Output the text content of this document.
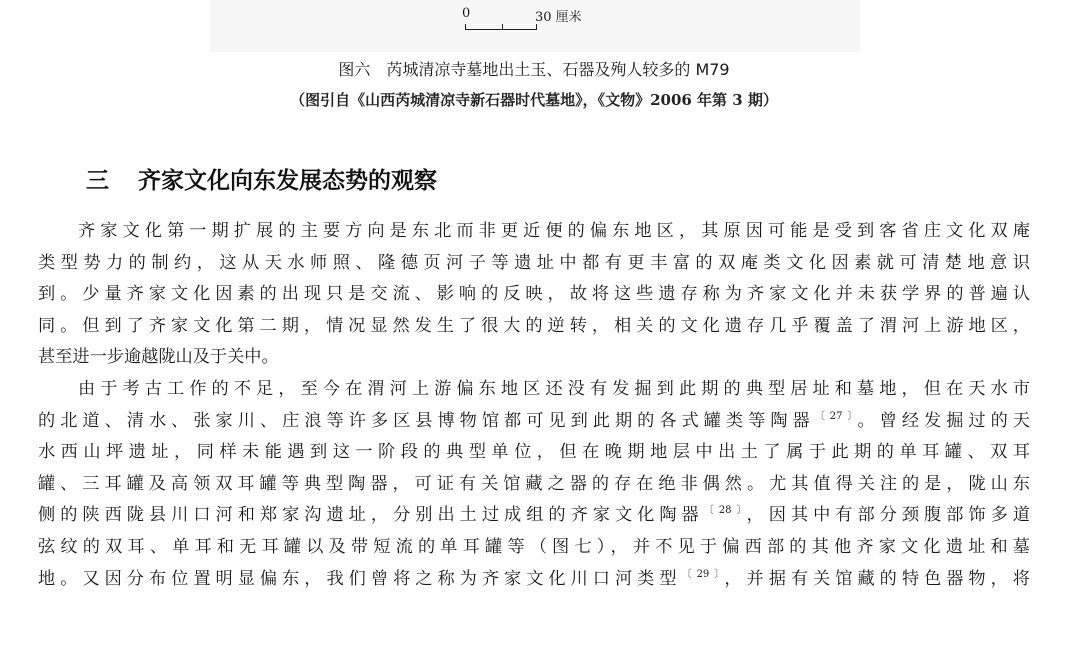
0	30 厘米
图六　芮城清凉寺墓地出土玉、石器及殉人较多的 M79
（图引自《山西芮城清凉寺新石器时代墓地》，《文物》2006 年第 3 期）
三 齐家文化向东发展态势的观察
齐家文化第一期扩展的主要方向是东北而非更近便的偏东地区，其原因可能是受到客省庄文化双庵
类型势力的制约，这从天水师照、隆德页河子等遗址中都有更丰富的双庵类文化因素就可清楚地意识
到。少量齐家文化因素的出现只是交流、影响的反映，故将这些遗存称为齐家文化并未获学界的普遍认
同。但到了齐家文化第二期，情况显然发生了很大的逆转，相关的文化遗存几乎覆盖了渭河上游地区，
甚至进一步逾越陇山及于关中。
由于考古工作的不足，至今在渭河上游偏东地区还没有发掘到此期的典型居址和墓地，但在天水市
的北道、清水、张家川、庄浪等许多区县博物馆都可见到此期的各式罐类等陶器$^{〔27〕}$。曾经发掘过的天
水西山坪遗址，同样未能遇到这一阶段的典型单位，但在晚期地层中出土了属于此期的单耳罐、双耳
罐、三耳罐及高领双耳罐等典型陶器，可证有关馆藏之器的存在绝非偶然。尤其值得关注的是，陇山东
侧的陕西陇县川口河和郑家沟遗址，分别出土过成组的齐家文化陶器$^{〔28〕}$，因其中有部分颈腹部饰多道
弦纹的双耳、单耳和无耳罐以及带短流的单耳罐等（图七），并不见于偏西部的其他齐家文化遗址和墓
地。又因分布位置明显偏东，我们曾将之称为齐家文化川口河类型$^{〔29〕}$，并据有关馆藏的特色器物，将
